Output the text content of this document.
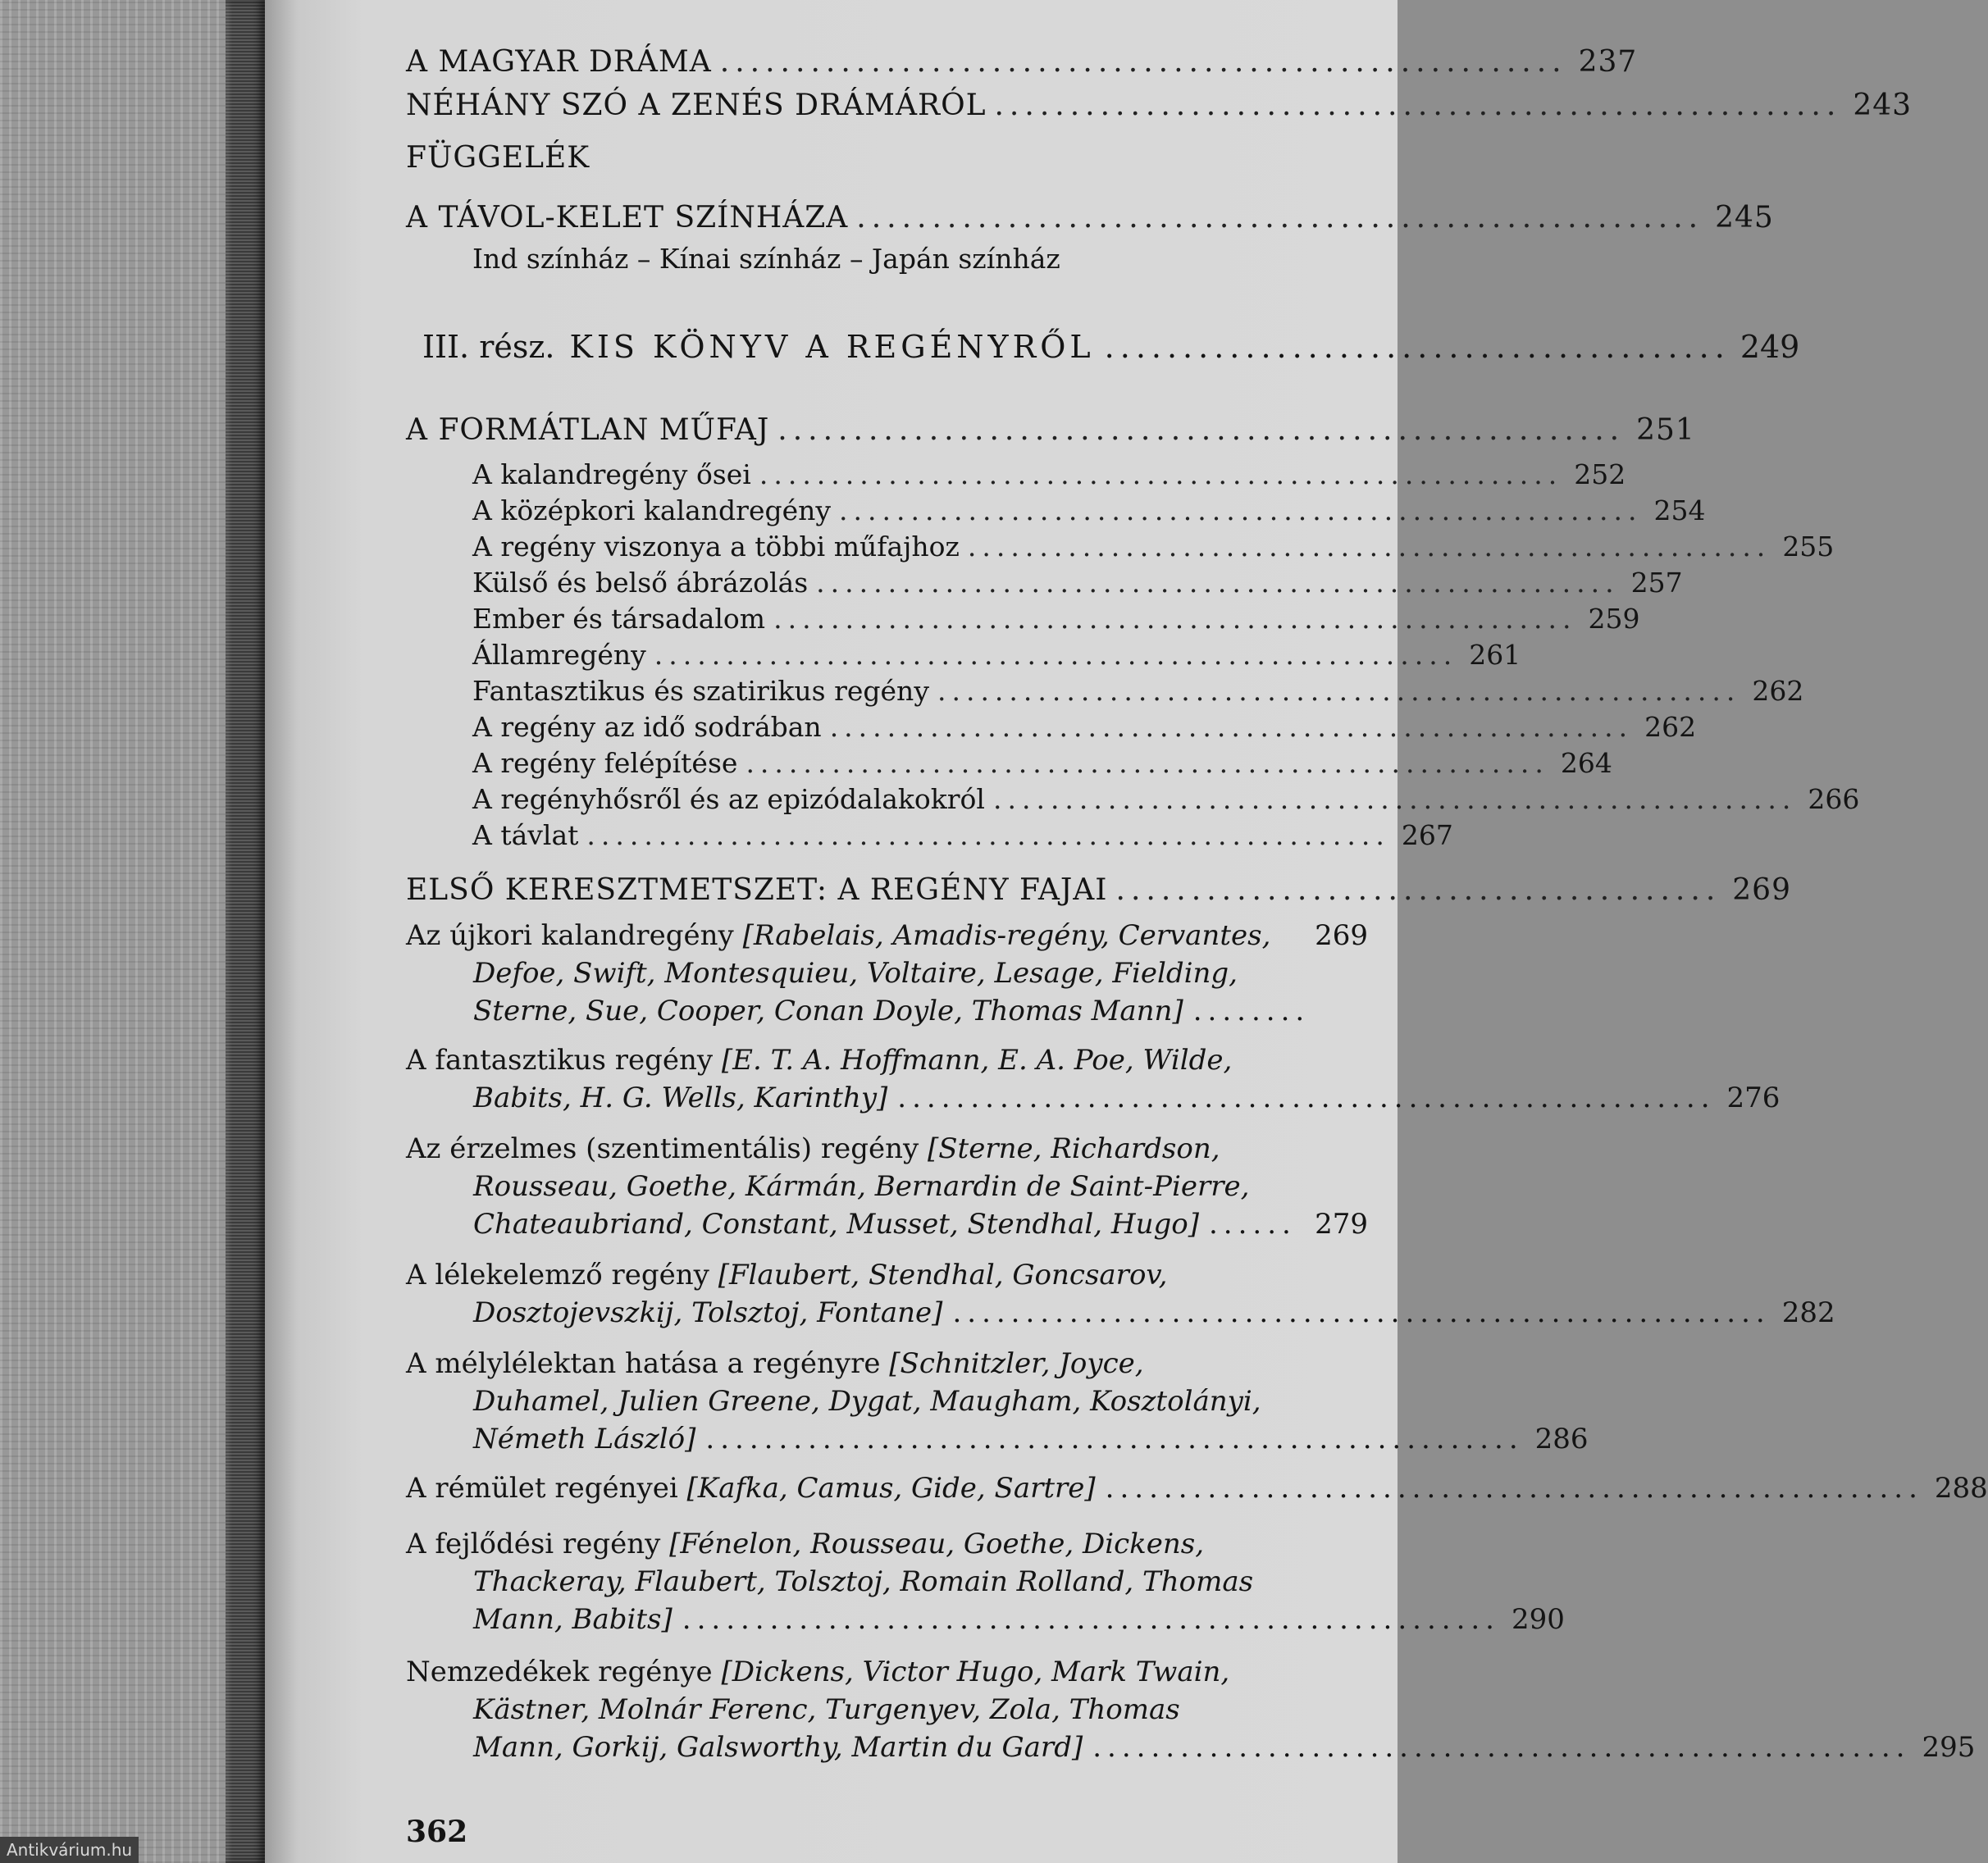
A MAGYAR DRÁMA ........................................................ 237
NÉHÁNY SZÓ A ZENÉS DRÁMÁRÓL ........................................................ 243
FÜGGELÉK
A TÁVOL-KELET SZÍNHÁZA ........................................................ 245
Ind színház – Kínai színház – Japán színház
III. rész. KIS KÖNYV A REGÉNYRŐL ........................................ 249
A FORMÁTLAN MŰFAJ ........................................................ 251
A kalandregény ősei ........................................................ 252
A középkori kalandregény ........................................................ 254
A regény viszonya a többi műfajhoz ........................................................ 255
Külső és belső ábrázolás ........................................................ 257
Ember és társadalom ........................................................ 259
Államregény ........................................................ 261
Fantasztikus és szatirikus regény ........................................................ 262
A regény az idő sodrában ........................................................ 262
A regény felépítése ........................................................ 264
A regényhősről és az epizódalakokról ........................................................ 266
A távlat ........................................................ 267
ELSŐ KERESZTMETSZET: A REGÉNY FAJAI ........................................ 269
Az újkori kalandregény [Rabelais, Amadis-regény, Cervantes, 269
Defoe, Swift, Montesquieu, Voltaire, Lesage, Fielding,
Sterne, Sue, Cooper, Conan Doyle, Thomas Mann] ........
A fantasztikus regény [E. T. A. Hoffmann, E. A. Poe, Wilde,
Babits, H. G. Wells, Karinthy] ........................................................ 276
Az érzelmes (szentimentális) regény [Sterne, Richardson,
Rousseau, Goethe, Kármán, Bernardin de Saint-Pierre,
Chateaubriand, Constant, Musset, Stendhal, Hugo] ...... 279
A lélekelemző regény [Flaubert, Stendhal, Goncsarov,
Dosztojevszkij, Tolsztoj, Fontane] ........................................................ 282
A mélylélektan hatása a regényre [Schnitzler, Joyce,
Duhamel, Julien Greene, Dygat, Maugham, Kosztolányi,
Németh László] ........................................................ 286
A rémület regényei [Kafka, Camus, Gide, Sartre] ........................................................ 288
A fejlődési regény [Fénelon, Rousseau, Goethe, Dickens,
Thackeray, Flaubert, Tolsztoj, Romain Rolland, Thomas
Mann, Babits] ........................................................ 290
Nemzedékek regénye [Dickens, Victor Hugo, Mark Twain,
Kästner, Molnár Ferenc, Turgenyev, Zola, Thomas
Mann, Gorkij, Galsworthy, Martin du Gard] ........................................................ 295
362
Antikvárium.hu
